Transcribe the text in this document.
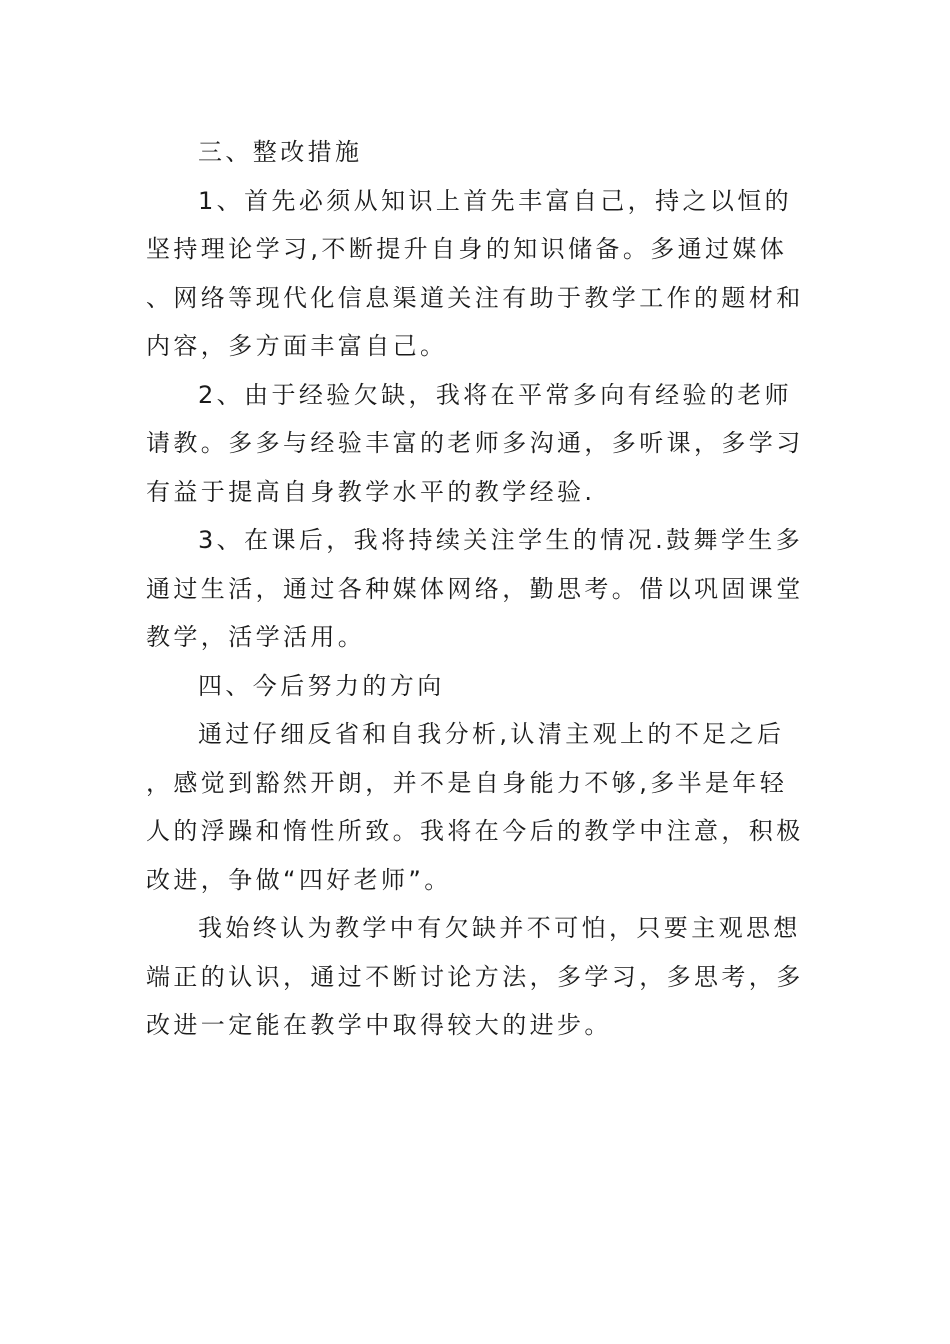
三、整改措施

1、首先必须从知识上首先丰富自己，持之以恒的坚持理论学习,不断提升自身的知识储备。多通过媒体、网络等现代化信息渠道关注有助于教学工作的题材和内容，多方面丰富自己。

2、由于经验欠缺，我将在平常多向有经验的老师请教。多多与经验丰富的老师多沟通，多听课，多学习有益于提高自身教学水平的教学经验.

3、在课后，我将持续关注学生的情况.鼓舞学生多通过生活，通过各种媒体网络，勤思考。借以巩固课堂教学，活学活用。

四、今后努力的方向

通过仔细反省和自我分析,认清主观上的不足之后，感觉到豁然开朗，并不是自身能力不够,多半是年轻人的浮躁和惰性所致。我将在今后的教学中注意，积极改进，争做“四好老师”。

我始终认为教学中有欠缺并不可怕，只要主观思想端正的认识，通过不断讨论方法，多学习，多思考，多改进一定能在教学中取得较大的进步。
